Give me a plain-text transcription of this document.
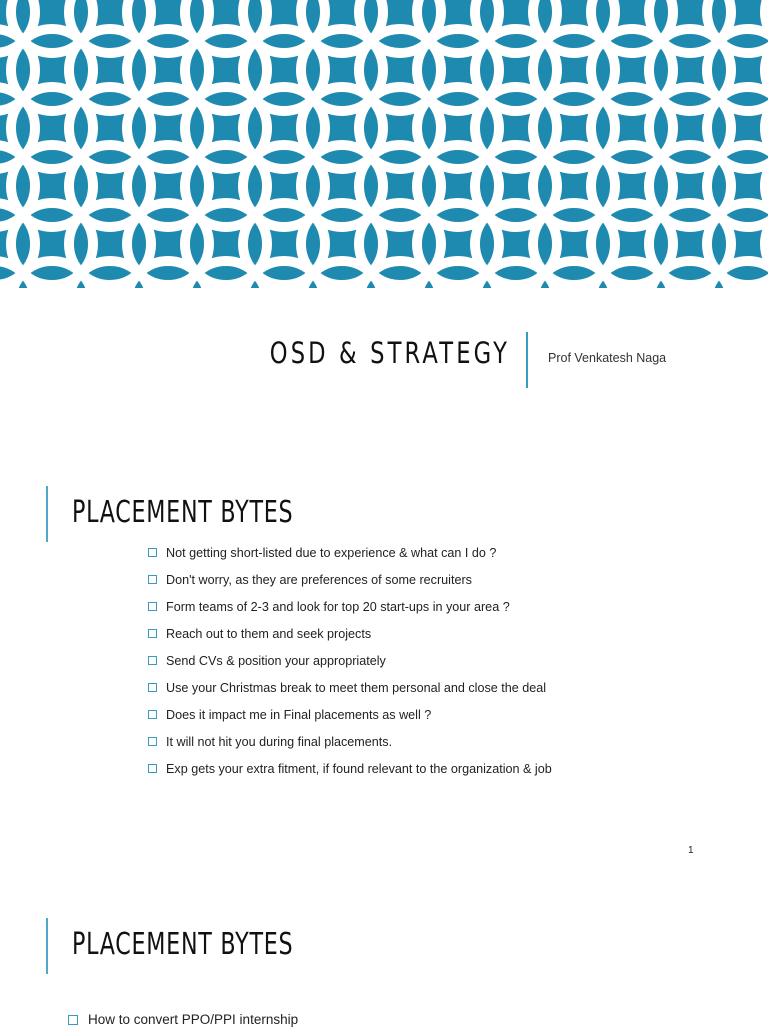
OSD & STRATEGY	Prof Venkatesh Naga
PLACEMENT BYTES
Not getting short-listed due to experience & what can I do ?
Don't worry, as they are preferences of some recruiters
Form teams of 2-3 and look for top 20 start-ups in your area ?
Reach out to them and seek projects
Send CVs & position your appropriately
Use your Christmas break to meet them personal and close the deal
Does it impact me in Final placements as well ?
It will not hit you during final placements.
Exp gets your extra fitment, if found relevant to the organization & job
1
PLACEMENT BYTES
How to convert PPO/PPI internship
